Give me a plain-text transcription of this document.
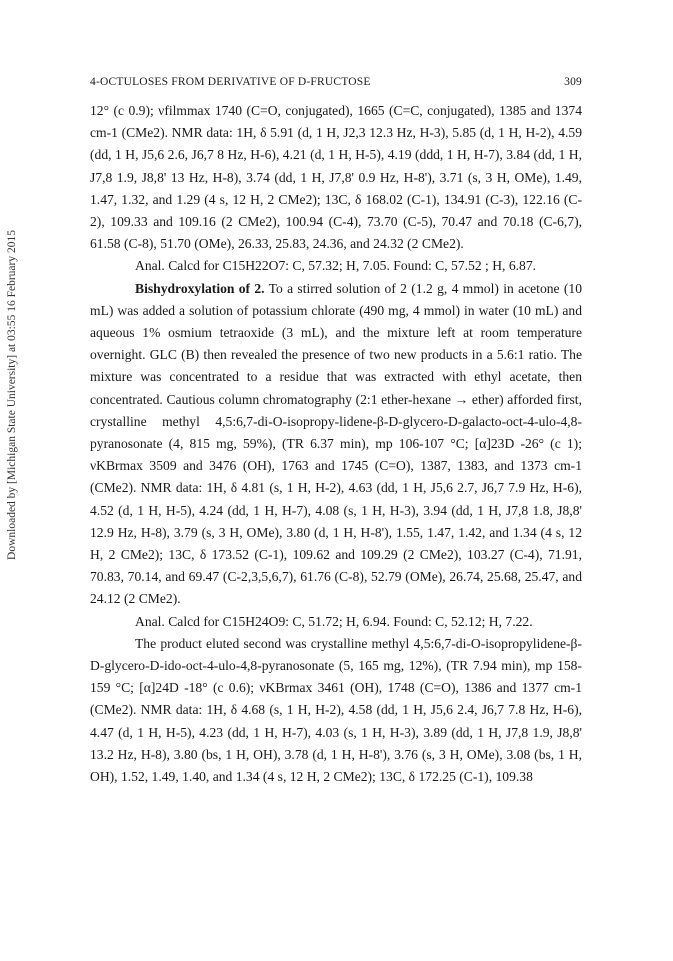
Downloaded by [Michigan State University] at 03:55 16 February 2015
4-OCTULOSES FROM DERIVATIVE OF D-FRUCTOSE	309

12° (c 0.9); νfilmmax 1740 (C=O, conjugated), 1665 (C=C, conjugated), 1385 and 1374 cm-1 (CMe2). NMR data: 1H, δ 5.91 (d, 1 H, J2,3 12.3 Hz, H-3), 5.85 (d, 1 H, H-2), 4.59 (dd, 1 H, J5,6 2.6, J6,7 8 Hz, H-6), 4.21 (d, 1 H, H-5), 4.19 (ddd, 1 H, H-7), 3.84 (dd, 1 H, J7,8 1.9, J8,8' 13 Hz, H-8), 3.74 (dd, 1 H, J7,8' 0.9 Hz, H-8'), 3.71 (s, 3 H, OMe), 1.49, 1.47, 1.32, and 1.29 (4 s, 12 H, 2 CMe2); 13C, δ 168.02 (C-1), 134.91 (C-3), 122.16 (C-2), 109.33 and 109.16 (2 CMe2), 100.94 (C-4), 73.70 (C-5), 70.47 and 70.18 (C-6,7), 61.58 (C-8), 51.70 (OMe), 26.33, 25.83, 24.36, and 24.32 (2 CMe2).

Anal. Calcd for C15H22O7: C, 57.32; H, 7.05. Found: C, 57.52 ; H, 6.87.

Bishydroxylation of 2. To a stirred solution of 2 (1.2 g, 4 mmol) in acetone (10 mL) was added a solution of potassium chlorate (490 mg, 4 mmol) in water (10 mL) and aqueous 1% osmium tetraoxide (3 mL), and the mixture left at room temperature overnight. GLC (B) then revealed the presence of two new products in a 5.6:1 ratio. The mixture was concentrated to a residue that was extracted with ethyl acetate, then concentrated. Cautious column chromatography (2:1 ether-hexane → ether) afforded first, crystalline methyl 4,5:6,7-di-O-isopropy-lidene-β-D-glycero-D-galacto-oct-4-ulo-4,8-pyranosonate (4, 815 mg, 59%), (TR 6.37 min), mp 106-107 °C; [α]23D -26° (c 1); νKBrmax 3509 and 3476 (OH), 1763 and 1745 (C=O), 1387, 1383, and 1373 cm-1 (CMe2). NMR data: 1H, δ 4.81 (s, 1 H, H-2), 4.63 (dd, 1 H, J5,6 2.7, J6,7 7.9 Hz, H-6), 4.52 (d, 1 H, H-5), 4.24 (dd, 1 H, H-7), 4.08 (s, 1 H, H-3), 3.94 (dd, 1 H, J7,8 1.8, J8,8' 12.9 Hz, H-8), 3.79 (s, 3 H, OMe), 3.80 (d, 1 H, H-8'), 1.55, 1.47, 1.42, and 1.34 (4 s, 12 H, 2 CMe2); 13C, δ 173.52 (C-1), 109.62 and 109.29 (2 CMe2), 103.27 (C-4), 71.91, 70.83, 70.14, and 69.47 (C-2,3,5,6,7), 61.76 (C-8), 52.79 (OMe), 26.74, 25.68, 25.47, and 24.12 (2 CMe2).

Anal. Calcd for C15H24O9: C, 51.72; H, 6.94. Found: C, 52.12; H, 7.22.

The product eluted second was crystalline methyl 4,5:6,7-di-O-isopropylidene-β-D-glycero-D-ido-oct-4-ulo-4,8-pyranosonate (5, 165 mg, 12%), (TR 7.94 min), mp 158-159 °C; [α]24D -18° (c 0.6); νKBrmax 3461 (OH), 1748 (C=O), 1386 and 1377 cm-1 (CMe2). NMR data: 1H, δ 4.68 (s, 1 H, H-2), 4.58 (dd, 1 H, J5,6 2.4, J6,7 7.8 Hz, H-6), 4.47 (d, 1 H, H-5), 4.23 (dd, 1 H, H-7), 4.03 (s, 1 H, H-3), 3.89 (dd, 1 H, J7,8 1.9, J8,8' 13.2 Hz, H-8), 3.80 (bs, 1 H, OH), 3.78 (d, 1 H, H-8'), 3.76 (s, 3 H, OMe), 3.08 (bs, 1 H, OH), 1.52, 1.49, 1.40, and 1.34 (4 s, 12 H, 2 CMe2); 13C, δ 172.25 (C-1), 109.38
